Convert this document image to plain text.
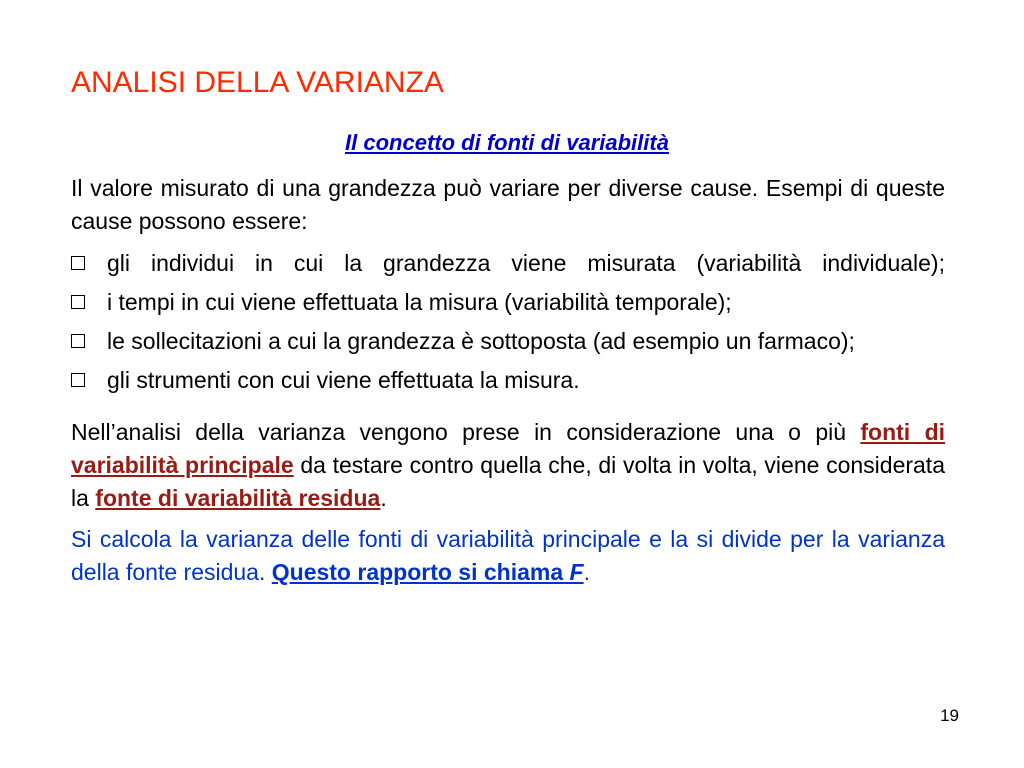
ANALISI DELLA VARIANZA
Il concetto di fonti di variabilità
Il valore misurato di una grandezza può variare per diverse cause. Esempi di queste cause possono essere:
gli individui in cui la grandezza viene misurata (variabilità individuale);
i tempi in cui viene effettuata la misura (variabilità temporale);
le sollecitazioni a cui la grandezza è sottoposta (ad esempio un farmaco);
gli strumenti con cui viene effettuata la misura.
Nell’analisi della varianza vengono prese in considerazione una o più fonti di variabilità principale da testare contro quella che, di volta in volta, viene considerata la fonte di variabilità residua.
Si calcola la varianza delle fonti di variabilità principale e la si divide per la varianza della fonte residua. Questo rapporto si chiama F.
19
